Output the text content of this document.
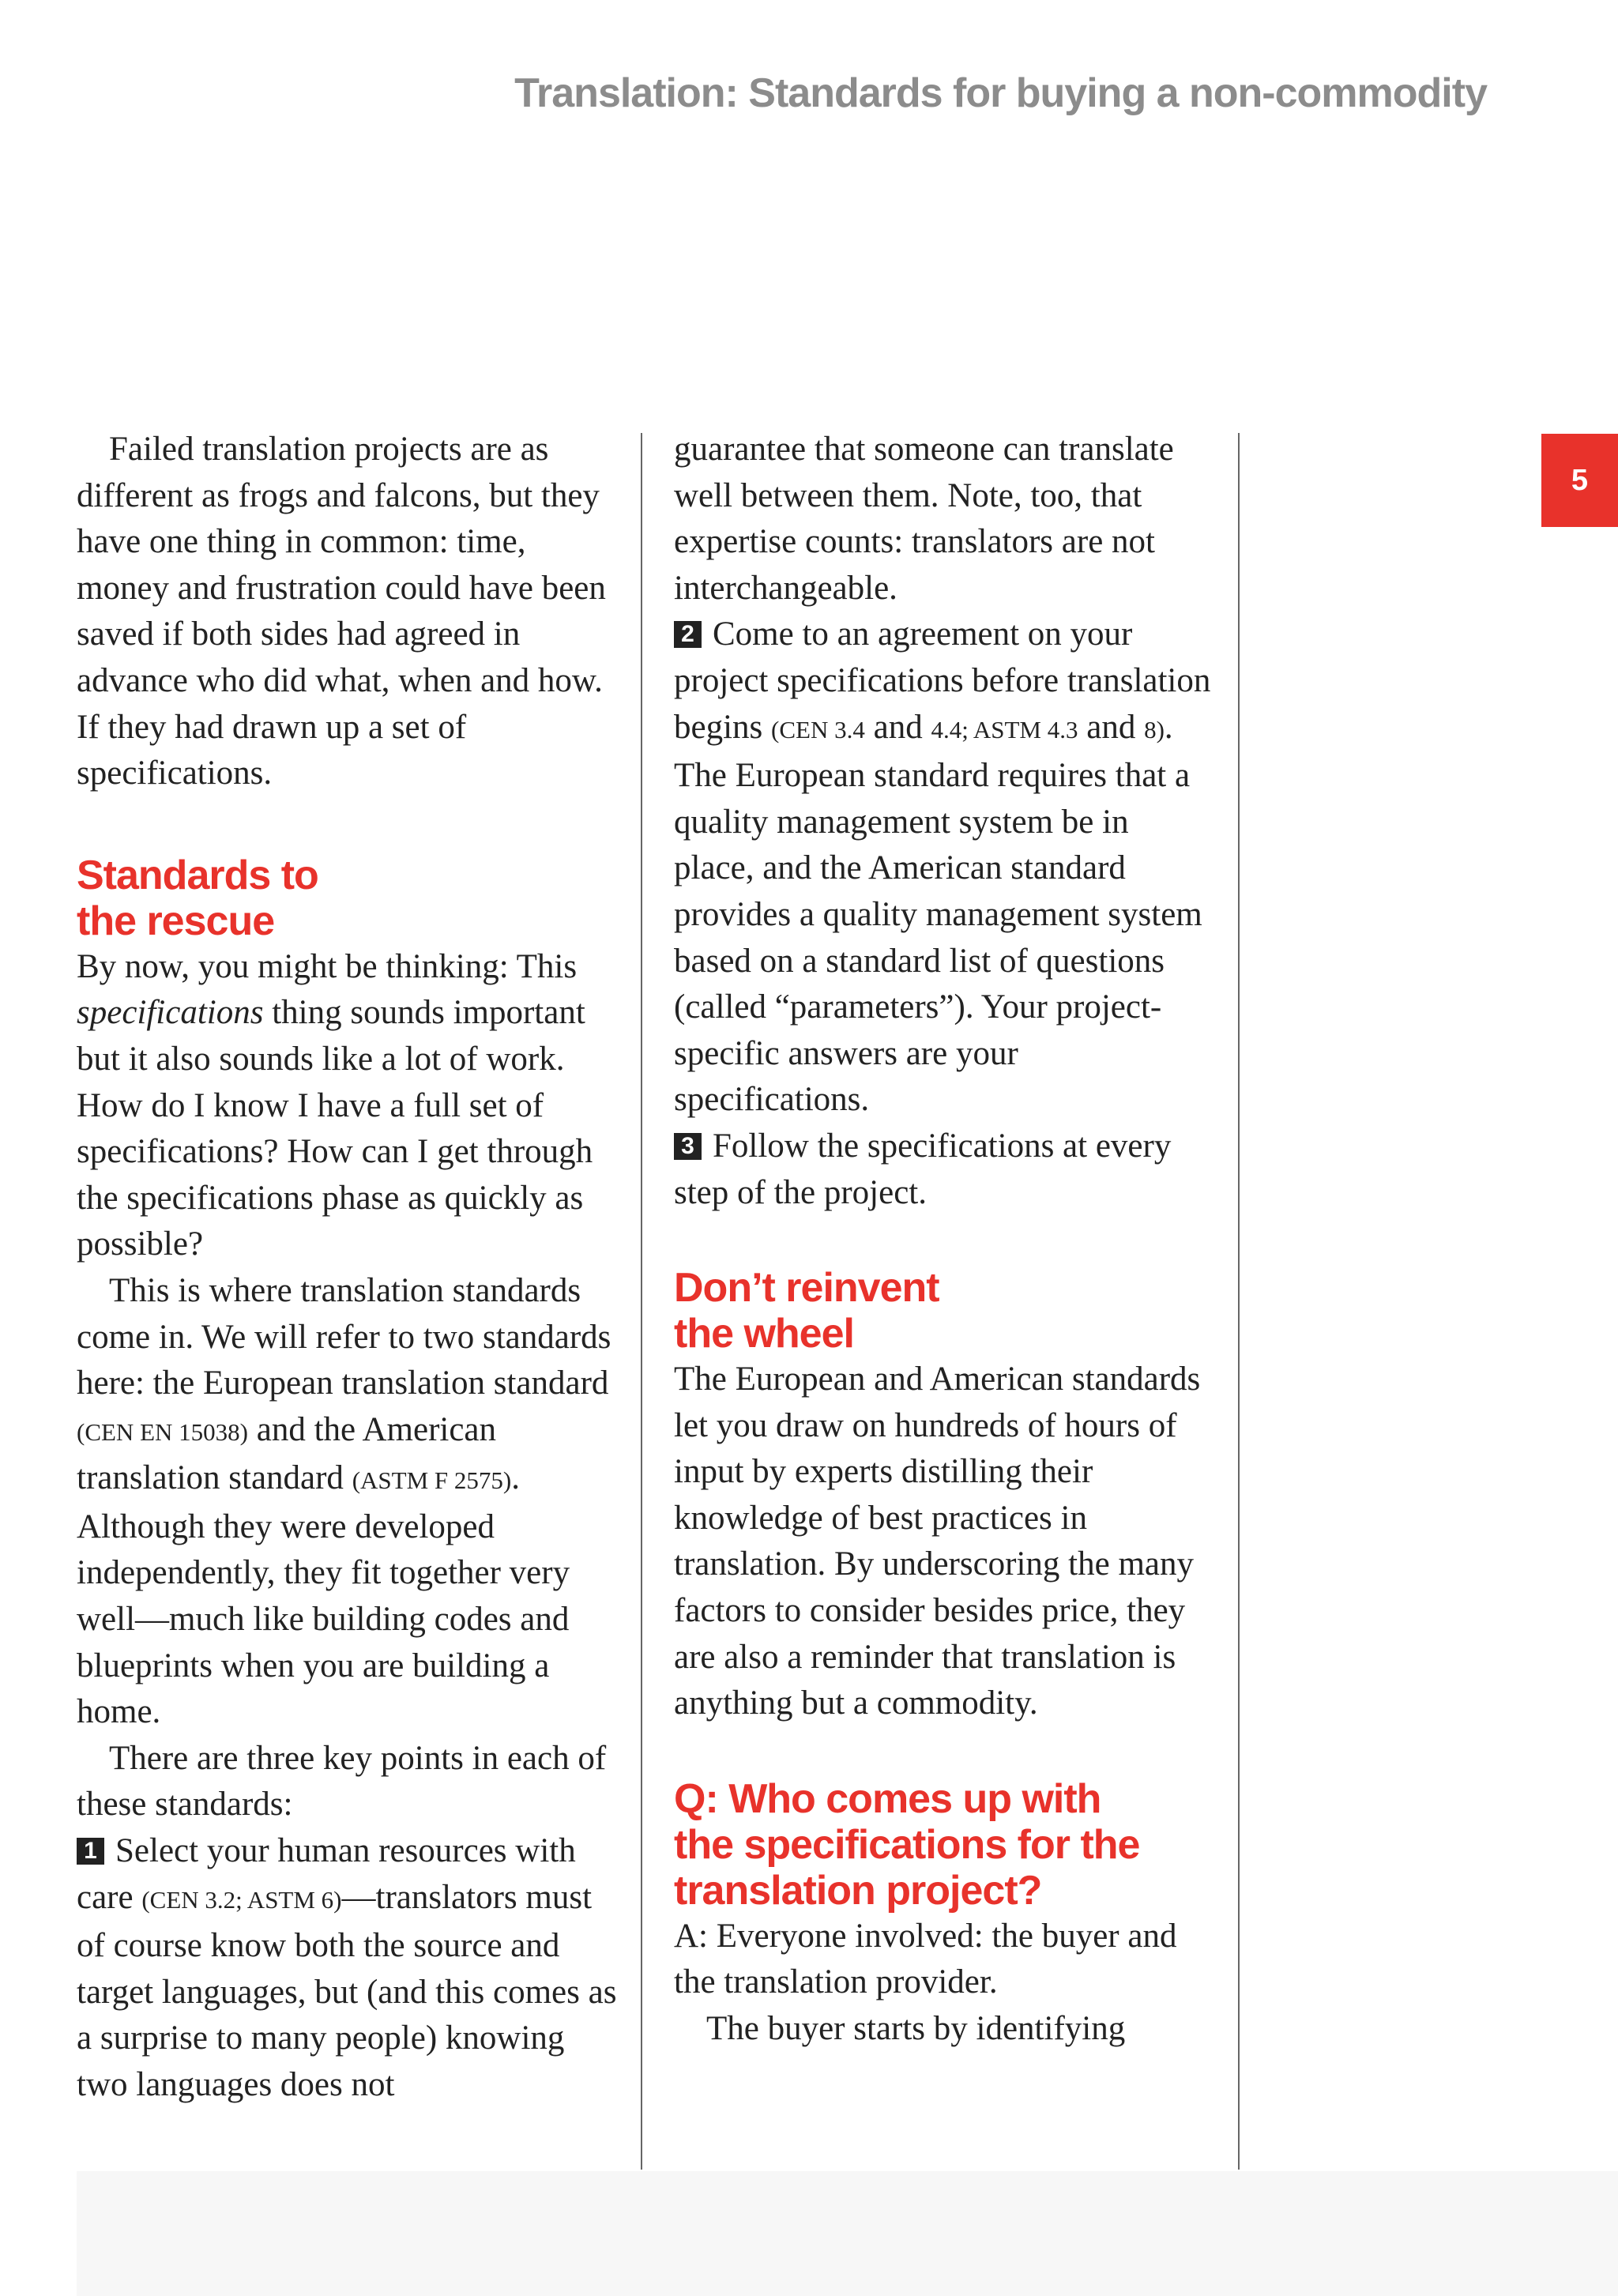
Translation: Standards for buying a non-commodity
5

Failed translation projects are as different as frogs and falcons, but they have one thing in common: time, money and frustration could have been saved if both sides had agreed in advance who did what, when and how. If they had drawn up a set of specifications.

Standards to
the rescue

By now, you might be thinking: This specifications thing sounds important but it also sounds like a lot of work. How do I know I have a full set of specifications? How can I get through the specifications phase as quickly as possible?

This is where translation standards come in. We will refer to two standards here: the European translation standard (CEN EN 15038) and the American translation standard (ASTM F 2575). Although they were developed independently, they fit together very well—much like building codes and blueprints when you are building a home.

There are three key points in each of these standards:

1 Select your human resources with care (CEN 3.2; ASTM 6)—translators must of course know both the source and target languages, but (and this comes as a surprise to many people) knowing two languages does not

guarantee that someone can translate well between them. Note, too, that expertise counts: translators are not interchangeable.

2 Come to an agreement on your project specifications before translation begins (CEN 3.4 and 4.4; ASTM 4.3 and 8). The European standard requires that a quality management system be in place, and the American standard provides a quality management system based on a standard list of questions (called “parameters”). Your project-specific answers are your specifications.

3 Follow the specifications at every step of the project.

Don’t reinvent
the wheel

The European and American standards let you draw on hundreds of hours of input by experts distilling their knowledge of best practices in translation. By underscoring the many factors to consider besides price, they are also a reminder that translation is anything but a commodity.

Q: Who comes up with
the specifications for the
translation project?

A: Everyone involved: the buyer and the translation provider.

The buyer starts by identifying
